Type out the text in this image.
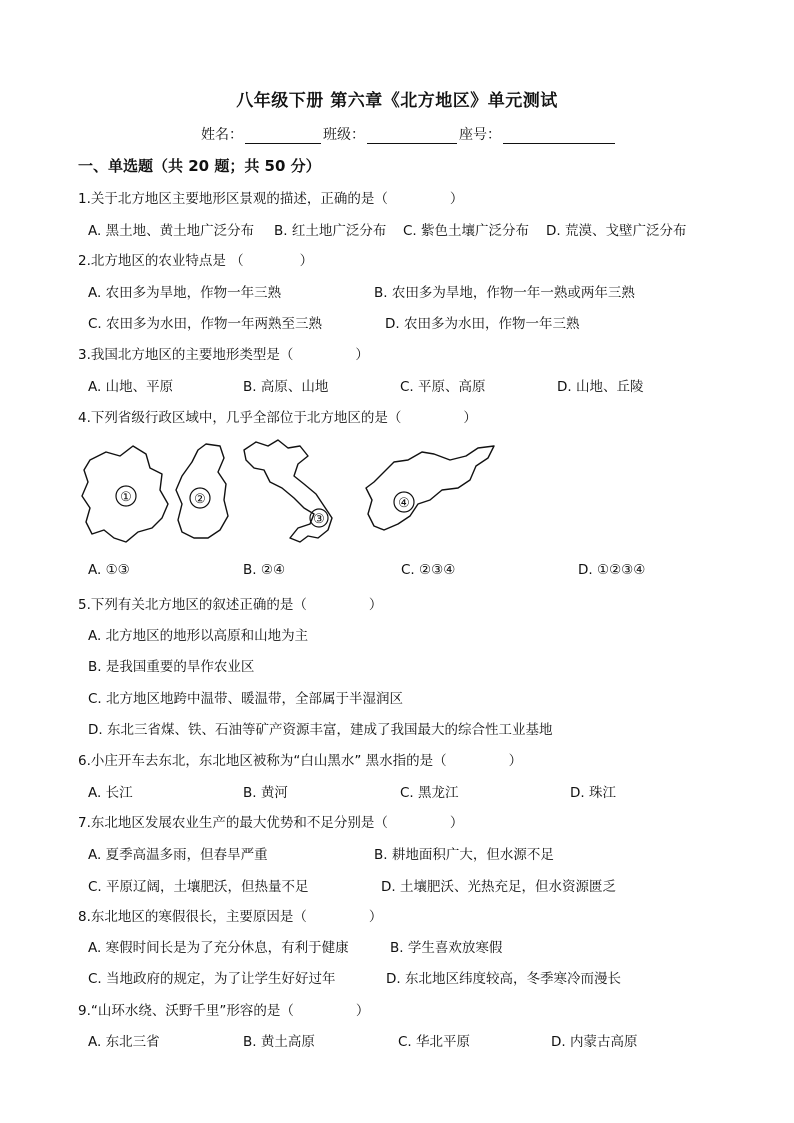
八年级下册 第六章《北方地区》单元测试
姓名：	班级：	座号：
一、单选题（共 20 题；共 50 分）
1.关于北方地区主要地形区景观的描述，正确的是（	）
A. 黑土地、黄土地广泛分布 B. 红土地广泛分布 C. 紫色土壤广泛分布 D. 荒漠、戈壁广泛分布
2.北方地区的农业特点是 （	）
A. 农田多为旱地，作物一年三熟	B. 农田多为旱地，作物一年一熟或两年三熟
C. 农田多为水田，作物一年两熟至三熟	D. 农田多为水田，作物一年三熟
3.我国北方地区的主要地形类型是（	）
A. 山地、平原	B. 高原、山地	C. 平原、高原	D. 山地、丘陵
4.下列省级行政区域中，几乎全部位于北方地区的是（	）
①	②
③
④
A. ①③	B. ②④	C. ②③④	D. ①②③④
5.下列有关北方地区的叙述正确的是（	）
A. 北方地区的地形以高原和山地为主
B. 是我国重要的旱作农业区
C. 北方地区地跨中温带、暖温带，全部属于半湿润区
D. 东北三省煤、铁、石油等矿产资源丰富，建成了我国最大的综合性工业基地
6.小庄开车去东北，东北地区被称为“白山黑水” 黑水指的是（	）
A. 长江	B. 黄河	C. 黑龙江	D. 珠江
7.东北地区发展农业生产的最大优势和不足分别是（	）
A. 夏季高温多雨，但春旱严重	B. 耕地面积广大，但水源不足
C. 平原辽阔，土壤肥沃，但热量不足	D. 土壤肥沃、光热充足，但水资源匮乏
8.东北地区的寒假很长，主要原因是（	）
A. 寒假时间长是为了充分休息，有利于健康	B. 学生喜欢放寒假
C. 当地政府的规定，为了让学生好好过年	D. 东北地区纬度较高，冬季寒冷而漫长
9.“山环水绕、沃野千里”形容的是（	）
A. 东北三省	B. 黄土高原	C. 华北平原	D. 内蒙古高原
